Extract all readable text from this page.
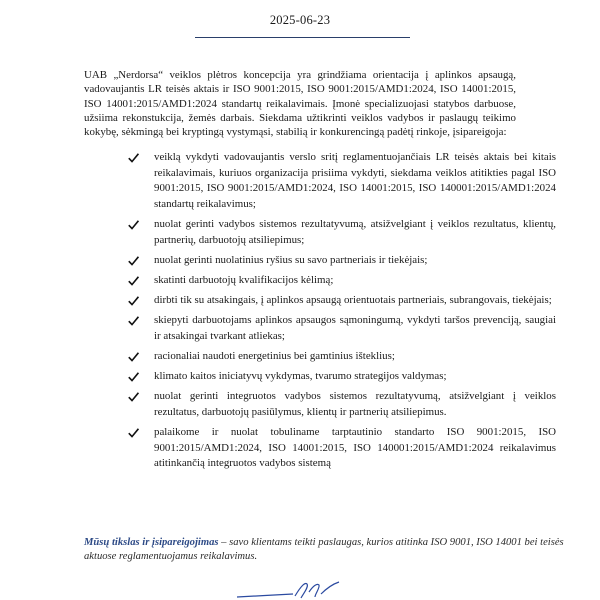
2025-06-23

UAB „Nerdorsa“ veiklos plėtros koncepcija yra grindžiama orientacija į aplinkos apsaugą, vadovaujantis LR teisės aktais ir ISO 9001:2015, ISO 9001:2015/AMD1:2024, ISO 14001:2015, ISO 14001:2015/AMD1:2024 standartų reikalavimais. Įmonė specializuojasi statybos darbuose, užsiima rekonstukcija, žemės darbais. Siekdama užtikrinti veiklos vadybos ir paslaugų teikimo kokybę, sėkmingą bei kryptingą vystymąsi, stabilią ir konkurencingą padėtį rinkoje, įsipareigoja:

veiklą vykdyti vadovaujantis verslo sritį reglamentuojančiais LR teisės aktais bei kitais reikalavimais, kuriuos organizacija prisiima vykdyti, siekdama veiklos atitikties pagal ISO 9001:2015, ISO 9001:2015/AMD1:2024, ISO 14001:2015, ISO 140001:2015/AMD1:2024 standartų reikalavimus;
nuolat gerinti vadybos sistemos rezultatyvumą, atsižvelgiant į veiklos rezultatus, klientų, partnerių, darbuotojų atsiliepimus;
nuolat gerinti nuolatinius ryšius su savo partneriais ir tiekėjais;
skatinti darbuotojų kvalifikacijos kėlimą;
dirbti tik su atsakingais, į aplinkos apsaugą orientuotais partneriais, subrangovais, tiekėjais;
skiepyti darbuotojams aplinkos apsaugos sąmoningumą, vykdyti taršos prevenciją, saugiai ir atsakingai tvarkant atliekas;
racionaliai naudoti energetinius bei gamtinius išteklius;
klimato kaitos iniciatyvų vykdymas, tvarumo strategijos valdymas;
nuolat gerinti integruotos vadybos sistemos rezultatyvumą, atsižvelgiant į veiklos rezultatus, darbuotojų pasiūlymus, klientų ir partnerių atsiliepimus.
palaikome ir nuolat tobuliname tarptautinio standarto ISO 9001:2015, ISO 9001:2015/AMD1:2024, ISO 14001:2015, ISO 140001:2015/AMD1:2024 reikalavimus atitinkančią integruotos vadybos sistemą
Mūsų tikslas ir įsipareigojimas – savo klientams teikti paslaugas, kurios atitinka ISO 9001, ISO 14001 bei teisės aktuose reglamentuojamus reikalavimus.
